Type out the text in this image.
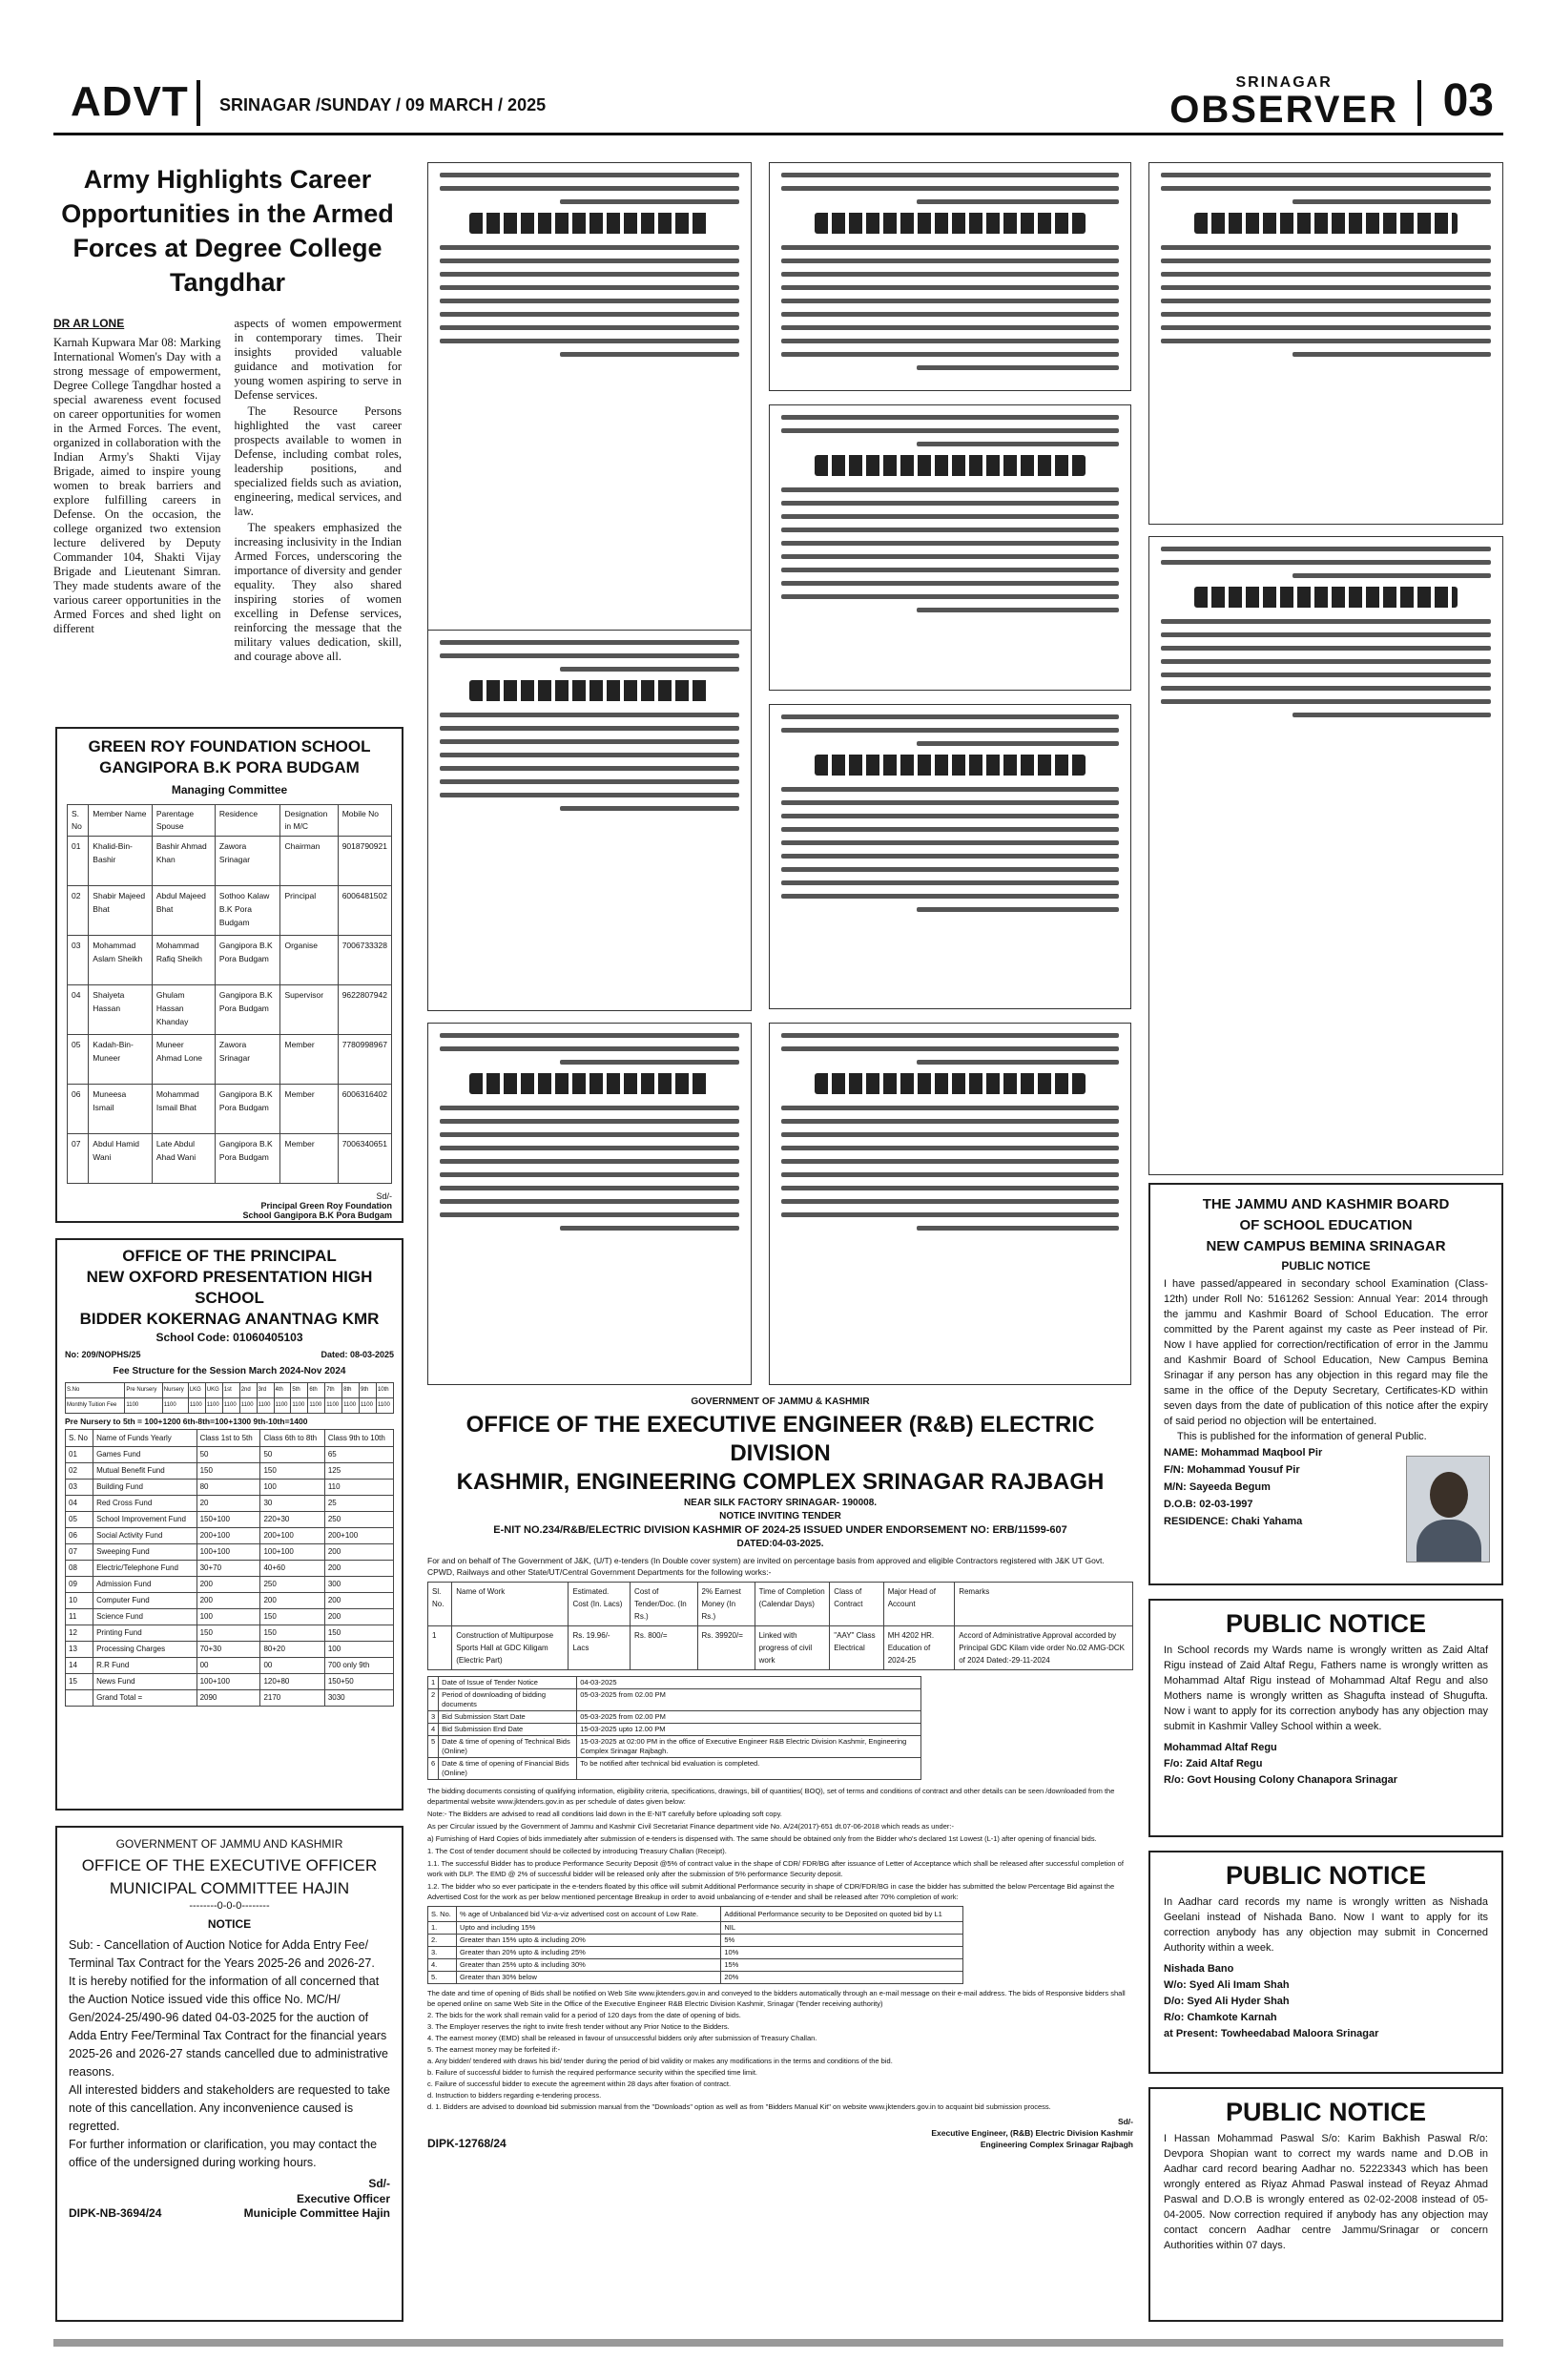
ADVT SRINAGAR /SUNDAY / 09 MARCH / 2025
SRINAGAR
OBSERVER 03
Army Highlights Career Opportunities in the Armed Forces at Degree College Tangdhar
DR AR LONE

Karnah Kupwara Mar 08: Marking International Women's Day with a strong message of empowerment, Degree College Tangdhar hosted a special awareness event focused on career opportunities for women in the Armed Forces. The event, organized in collaboration with the Indian Army's Shakti Vijay Brigade, aimed to inspire young women to break barriers and explore fulfilling careers in Defense. On the occasion, the college organized two extension lecture delivered by Deputy Commander 104, Shakti Vijay Brigade and Lieutenant Simran. They made students aware of the various career opportunities in the Armed Forces and shed light on different

aspects of women empowerment in contemporary times. Their insights provided valuable guidance and motivation for young women aspiring to serve in Defense services.

The Resource Persons highlighted the vast career prospects available to women in Defense, including combat roles, leadership positions, and specialized fields such as aviation, engineering, medical services, and law.

The speakers emphasized the increasing inclusivity in the Indian Armed Forces, underscoring the importance of diversity and gender equality. They also shared inspiring stories of women excelling in Defense services, reinforcing the message that the military values dedication, skill, and courage above all.

GREEN ROY FOUNDATION SCHOOL
GANGIPORA B.K PORA BUDGAM
Managing Committee
S. No	Member Name	Parentage Spouse	Residence	Designation in M/C	Mobile No
01	Khalid-Bin-Bashir	Bashir Ahmad Khan	Zawora Srinagar	Chairman	9018790921
02	Shabir Majeed Bhat	Abdul Majeed Bhat	Sothoo Kalaw B.K Pora Budgam	Principal	6006481502
03	Mohammad Aslam Sheikh	Mohammad Rafiq Sheikh	Gangipora B.K Pora Budgam	Organise	7006733328
04	Shaiyeta Hassan	Ghulam Hassan Khanday	Gangipora B.K Pora Budgam	Supervisor	9622807942
05	Kadah-Bin-Muneer	Muneer Ahmad Lone	Zawora Srinagar	Member	7780998967
06	Muneesa Ismail	Mohammad Ismail Bhat	Gangipora B.K Pora Budgam	Member	6006316402
07	Abdul Hamid Wani	Late Abdul Ahad Wani	Gangipora B.K Pora Budgam	Member	7006340651
Sd/-
Principal Green Roy Foundation
School Gangipora B.K Pora Budgam
OFFICE OF THE PRINCIPAL
NEW OXFORD PRESENTATION HIGH SCHOOL
BIDDER KOKERNAG ANANTNAG KMR
School Code: 01060405103
No: 209/NOPHS/25	Dated: 08-03-2025
Fee Structure for the Session March 2024-Nov 2024
S.No	Pre Nursery	Nursery	LKG	UKG	1st	2nd	3rd	4th	5th	6th	7th	8th	9th	10th
Monthly Tuition Fee	1100	1100	1100	1100	1100	1100	1100	1100	1100	1100	1100	1100	1100	1100
Pre Nursery to 5th = 100+1200 6th-8th=100+1300 9th-10th=1400
S. No	Name of Funds Yearly	Class 1st to 5th	Class 6th to 8th	Class 9th to 10th
01	Games Fund	50	50	65
02	Mutual Benefit Fund	150	150	125
03	Building Fund	80	100	110
04	Red Cross Fund	20	30	25
05	School Improvement Fund	150+100	220+30	250
06	Social Activity Fund	200+100	200+100	200+100
07	Sweeping Fund	100+100	100+100	200
08	Electric/Telephone Fund	30+70	40+60	200
09	Admission Fund	200	250	300
10	Computer Fund	200	200	200
11	Science Fund	100	150	200
12	Printing Fund	150	150	150
13	Processing Charges	70+30	80+20	100
14	R.R Fund	00	00	700 only 9th
15	News Fund	100+100	120+80	150+50
	Grand Total =	2090	2170	3030
GOVERNMENT OF JAMMU AND KASHMIR
OFFICE OF THE EXECUTIVE OFFICER
MUNICIPAL COMMITTEE HAJIN
--------0-0-0--------
NOTICE

Sub: - Cancellation of Auction Notice for Adda Entry Fee/ Terminal Tax Contract for the Years 2025-26 and 2026-27.

It is hereby notified for the information of all concerned that the Auction Notice issued vide this office No. MC/H/ Gen/2024-25/490-96 dated 04-03-2025 for the auction of Adda Entry Fee/Terminal Tax Contract for the financial years 2025-26 and 2026-27 stands cancelled due to administrative reasons.

All interested bidders and stakeholders are requested to take note of this cancellation. Any inconvenience caused is regretted.

For further information or clarification, you may contact the office of the undersigned during working hours.

Sd/-
Executive Officer
DIPK-NB-3694/24	Municiple Committee Hajin
GOVERNMENT OF JAMMU & KASHMIR
OFFICE OF THE EXECUTIVE ENGINEER (R&B) ELECTRIC DIVISION
KASHMIR, ENGINEERING COMPLEX SRINAGAR RAJBAGH
NEAR SILK FACTORY SRINAGAR- 190008.
NOTICE INVITING TENDER
E-NIT NO.234/R&B/ELECTRIC DIVISION KASHMIR OF 2024-25 ISSUED UNDER ENDORSEMENT NO: ERB/11599-607
DATED:04-03-2025.

For and on behalf of The Government of J&K, (U/T) e-tenders (In Double cover system) are invited on percentage basis from approved and eligible Contractors registered with J&K UT Govt. CPWD, Railways and other State/UT/Central Government Departments for the following works:-

Sl. No.	Name of Work	Estimated. Cost (In. Lacs)	Cost of Tender/Doc. (In Rs.)	2% Earnest Money (In Rs.)	Time of Completion (Calendar Days)	Class of Contract	Major Head of Account	Remarks
1	Construction of Multipurpose Sports Hall at GDC Kiligam (Electric Part)	Rs. 19.96/- Lacs	Rs. 800/=	Rs. 39920/=	Linked with progress of civil work	"AAY" Class Electrical	MH 4202 HR. Education of 2024-25	Accord of Administrative Approval accorded by Principal GDC Kilam vide order No.02 AMG-DCK of 2024 Dated:-29-11-2024
1	Date of Issue of Tender Notice	04-03-2025
2	Period of downloading of bidding documents	05-03-2025 from 02.00 PM
3	Bid Submission Start Date	05-03-2025 from 02.00 PM
4	Bid Submission End Date	15-03-2025 upto 12.00 PM
5	Date & time of opening of Technical Bids (Online)	15-03-2025 at 02:00 PM in the office of Executive Engineer R&B Electric Division Kashmir, Engineering Complex Srinagar Rajbagh.
6	Date & time of opening of Financial Bids (Online)	To be notified after technical bid evaluation is completed.

The bidding documents consisting of qualifying information, eligibility criteria, specifications, drawings, bill of quantities( BOQ), set of terms and conditions of contract and other details can be seen /downloaded from the departmental website www.jktenders.gov.in as per schedule of dates given below:

Note:- The Bidders are advised to read all conditions laid down in the E-NIT carefully before uploading soft copy.

As per Circular issued by the Government of Jammu and Kashmir Civil Secretariat Finance department vide No. A/24(2017)-651 dt.07-06-2018 which reads as under:-

a) Furnishing of Hard Copies of bids immediately after submission of e-tenders is dispensed with. The same should be obtained only from the Bidder who's declared 1st Lowest (L-1) after opening of financial bids.

1. The Cost of tender document should be collected by introducing Treasury Challan (Receipt).

1.1. The successful Bidder has to produce Performance Security Deposit @5% of contract value in the shape of CDR/ FDR/BG after issuance of Letter of Acceptance which shall be released after successful completion of work with DLP. The EMD @ 2% of successful bidder will be released only after the submission of 5% performance Security deposit.

1.2. The bidder who so ever participate in the e-tenders floated by this office will submit Additional Performance security in shape of CDR/FDR/BG in case the bidder has submitted the below Percentage Bid against the Advertised Cost for the work as per below mentioned percentage Breakup in order to avoid unbalancing of e-tender and shall be released after 70% completion of work:

S. No.	% age of Unbalanced bid Viz-a-viz advertised cost on account of Low Rate.	Additional Performance security to be Deposited on quoted bid by L1
1.	Upto and including 15%	NIL
2.	Greater than 15% upto & including 20%	5%
3.	Greater than 20% upto & including 25%	10%
4.	Greater than 25% upto & including 30%	15%
5.	Greater than 30% below	20%

The date and time of opening of Bids shall be notified on Web Site www.jktenders.gov.in and conveyed to the bidders automatically through an e-mail message on their e-mail address. The bids of Responsive bidders shall be opened online on same Web Site in the Office of the Executive Engineer R&B Electric Division Kashmir, Srinagar (Tender receiving authority)

2. The bids for the work shall remain valid for a period of 120 days from the date of opening of bids.

3. The Employer reserves the right to invite fresh tender without any Prior Notice to the Bidders.

4. The earnest money (EMD) shall be released in favour of unsuccessful bidders only after submission of Treasury Challan.

5. The earnest money may be forfeited if:-

a. Any bidder/ tendered with draws his bid/ tender during the period of bid validity or makes any modifications in the terms and conditions of the bid.

b. Failure of successful bidder to furnish the required performance security within the specified time limit.

c. Failure of successful bidder to execute the agreement within 28 days after fixation of contract.

d. Instruction to bidders regarding e-tendering process.

d. 1. Bidders are advised to download bid submission manual from the "Downloads" option as well as from "Bidders Manual Kit" on website www.jktenders.gov.in to acquaint bid submission process.

DIPK-12768/24
Sd/-
Executive Engineer, (R&B) Electric Division Kashmir
Engineering Complex Srinagar Rajbagh
THE JAMMU AND KASHMIR BOARD
OF SCHOOL EDUCATION
NEW CAMPUS BEMINA SRINAGAR
PUBLIC NOTICE

I have passed/appeared in secondary school Examination (Class-12th) under Roll No: 5161262 Session: Annual Year: 2014 through the jammu and Kashmir Board of School Education. The error committed by the Parent against my caste as Peer instead of Pir. Now I have applied for correction/rectification of error in the Jammu and Kashmir Board of School Education, New Campus Bemina Srinagar if any person has any objection in this regard may file the same in the office of the Deputy Secretary, Certificates-KD within seven days from the date of publication of this notice after the expiry of said period no objection will be entertained.

This is published for the information of general Public.

NAME: Mohammad Maqbool Pir
F/N: Mohammad Yousuf Pir
M/N: Sayeeda Begum
D.O.B: 02-03-1997
RESIDENCE: Chaki Yahama
PUBLIC NOTICE

In School records my Wards name is wrongly written as Zaid Altaf Rigu instead of Zaid Altaf Regu, Fathers name is wrongly written as Mohammad Altaf Rigu instead of Mohammad Altaf Regu and also Mothers name is wrongly written as Shagufta instead of Shugufta. Now i want to apply for its correction anybody has any objection may submit in Kashmir Valley School within a week.

Mohammad Altaf Regu
F/o: Zaid Altaf Regu
R/o: Govt Housing Colony Chanapora Srinagar
PUBLIC NOTICE

In Aadhar card records my name is wrongly written as Nishada Geelani instead of Nishada Bano. Now I want to apply for its correction anybody has any objection may submit in Concerned Authority within a week.

Nishada Bano
W/o: Syed Ali Imam Shah
D/o: Syed Ali Hyder Shah
R/o: Chamkote Karnah
at Present: Towheedabad Maloora Srinagar
PUBLIC NOTICE

I Hassan Mohammad Paswal S/o: Karim Bakhish Paswal R/o: Devpora Shopian want to correct my wards name and D.OB in Aadhar card record bearing Aadhar no. 52223343 which has been wrongly entered as Riyaz Ahmad Paswal instead of Reyaz Ahmad Paswal and D.O.B is wrongly entered as 02-02-2008 instead of 05-04-2005. Now correction required if anybody has any objection may contact concern Aadhar centre Jammu/Srinagar or concern Authorities within 07 days.
